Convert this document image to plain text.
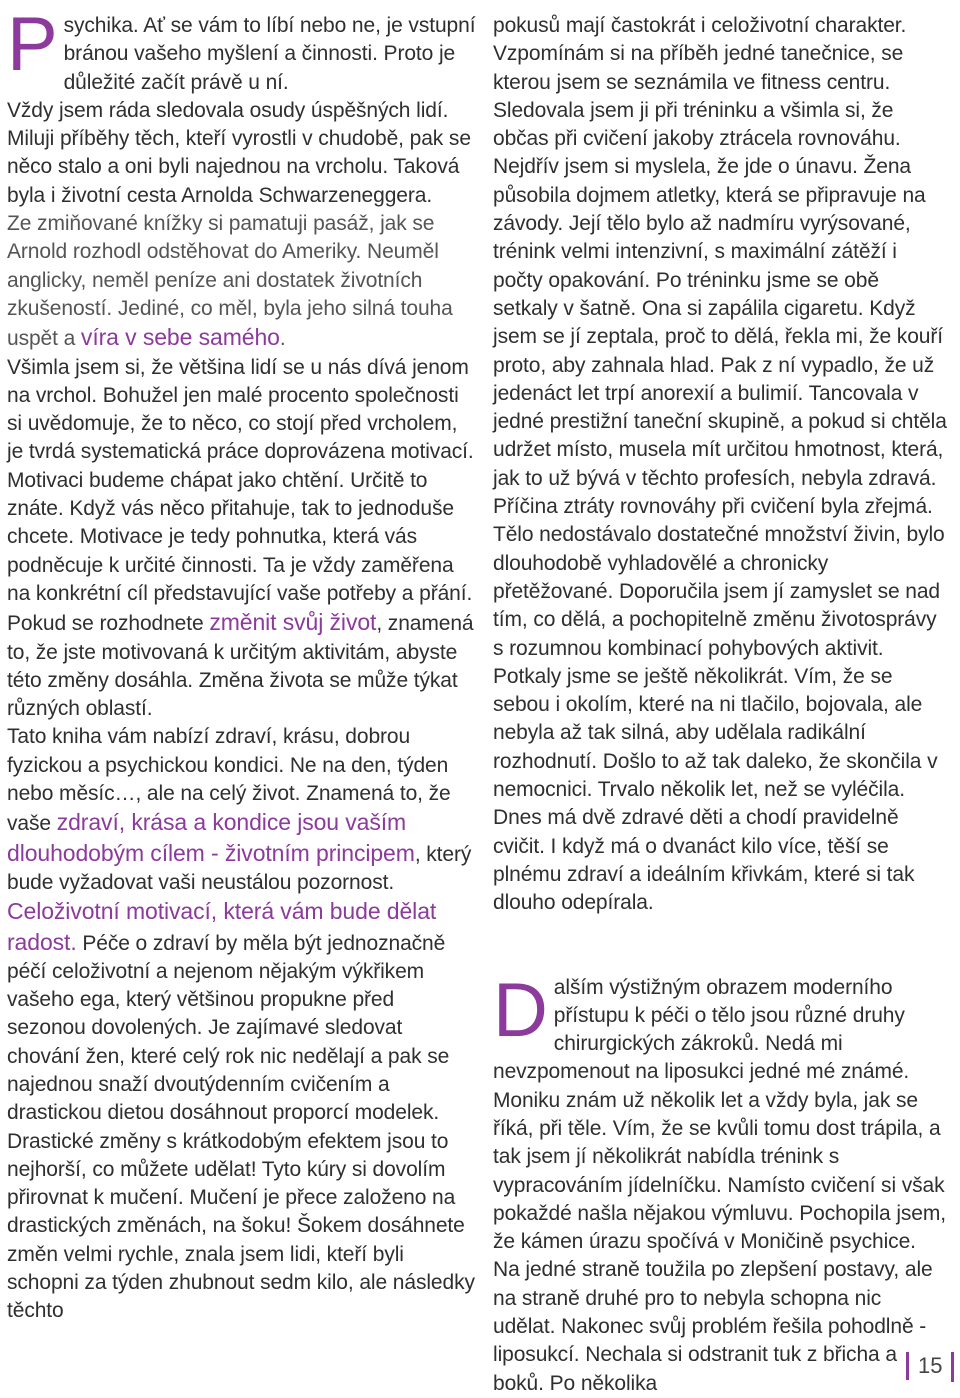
Psychika. Ať se vám to líbí nebo ne, je vstupní bránou vašeho myšlení a činnosti. Proto je důležité začít právě u ní.

Vždy jsem ráda sledovala osudy úspěšných lidí. Miluji příběhy těch, kteří vyrostli v chudobě, pak se něco stalo a oni byli najednou na vrcholu. Taková byla i životní cesta Arnolda Schwarzeneggera.

Ze zmiňované knížky si pamatuji pasáž, jak se Arnold rozhodl odstěhovat do Ameriky. Neuměl anglicky, neměl peníze ani dostatek životních zkušeností. Jediné, co měl, byla jeho silná touha uspět a víra v sebe samého.

Všimla jsem si, že většina lidí se u nás dívá jenom na vrchol. Bohužel jen malé procento společnosti si uvědomuje, že to něco, co stojí před vrcholem, je tvrdá systematická práce doprovázena motivací.

Motivaci budeme chápat jako chtění. Určitě to znáte. Když vás něco přitahuje, tak to jednoduše chcete. Motivace je tedy pohnutka, která vás podněcuje k určité činnosti. Ta je vždy zaměřena na konkrétní cíl představující vaše potřeby a přání.

Pokud se rozhodnete změnit svůj život, znamená to, že jste motivovaná k určitým aktivitám, abyste této změny dosáhla. Změna života se může týkat různých oblastí.

Tato kniha vám nabízí zdraví, krásu, dobrou fyzickou a psychickou kondici. Ne na den, týden nebo měsíc…, ale na celý život. Znamená to, že vaše zdraví, krása a kondice jsou vaším dlouhodobým cílem - životním principem, který bude vyžadovat vaši neustálou pozornost.

Celoživotní motivací, která vám bude dělat radost. Péče o zdraví by měla být jednoznačně péčí celoživotní a nejenom nějakým výkřikem vašeho ega, který většinou propukne před sezonou dovolených. Je zajímavé sledovat chování žen, které celý rok nic nedělají a pak se najednou snaží dvoutýdenním cvičením a drastickou dietou dosáhnout proporcí modelek. Drastické změny s krátkodobým efektem jsou to nejhorší, co můžete udělat! Tyto kúry si dovolím přirovnat k mučení. Mučení je přece založeno na drastických změnách, na šoku! Šokem dosáhnete změn velmi rychle, znala jsem lidi, kteří byli schopni za týden zhubnout sedm kilo, ale následky těchto

pokusů mají častokrát i celoživotní charakter. Vzpomínám si na příběh jedné tanečnice, se kterou jsem se seznámila ve fitness centru. Sledovala jsem ji při tréninku a všimla si, že občas při cvičení jakoby ztrácela rovnováhu. Nejdřív jsem si myslela, že jde o únavu. Žena působila dojmem atletky, která se připravuje na závody. Její tělo bylo až nadmíru vyrýsované, trénink velmi intenzivní, s maximální zátěží i počty opakování. Po tréninku jsme se obě setkaly v šatně. Ona si zapálila cigaretu. Když jsem se jí zeptala, proč to dělá, řekla mi, že kouří proto, aby zahnala hlad. Pak z ní vypadlo, že už jedenáct let trpí anorexií a bulimií. Tancovala v jedné prestižní taneční skupině, a pokud si chtěla udržet místo, musela mít určitou hmotnost, která, jak to už bývá v těchto profesích, nebyla zdravá.

Příčina ztráty rovnováhy při cvičení byla zřejmá. Tělo nedostávalo dostatečné množství živin, bylo dlouhodobě vyhladovělé a chronicky přetěžované. Doporučila jsem jí zamyslet se nad tím, co dělá, a pochopitelně změnu životosprávy s rozumnou kombinací pohybových aktivit. Potkaly jsme se ještě několikrát. Vím, že se sebou i okolím, které na ni tlačilo, bojovala, ale nebyla až tak silná, aby udělala radikální rozhodnutí. Došlo to až tak daleko, že skončila v nemocnici. Trvalo několik let, než se vyléčila. Dnes má dvě zdravé děti a chodí pravidelně cvičit. I když má o dvanáct kilo více, těší se plnému zdraví a ideálním křivkám, které si tak dlouho odepírala.

Dalším výstižným obrazem moderního přístupu k péči o tělo jsou různé druhy chirurgických zákroků. Nedá mi nevzpomenout na liposukci jedné mé známé. Moniku znám už několik let a vždy byla, jak se říká, při těle. Vím, že se kvůli tomu dost trápila, a tak jsem jí několikrát nabídla trénink s vypracováním jídelníčku. Namísto cvičení si však pokaždé našla nějakou výmluvu. Pochopila jsem, že kámen úrazu spočívá v Moničině psychice. Na jedné straně toužila po zlepšení postavy, ale na straně druhé pro to nebyla schopna nic udělat. Nakonec svůj problém řešila pohodlně - liposukcí. Nechala si odstranit tuk z břicha a boků. Po několika

15
